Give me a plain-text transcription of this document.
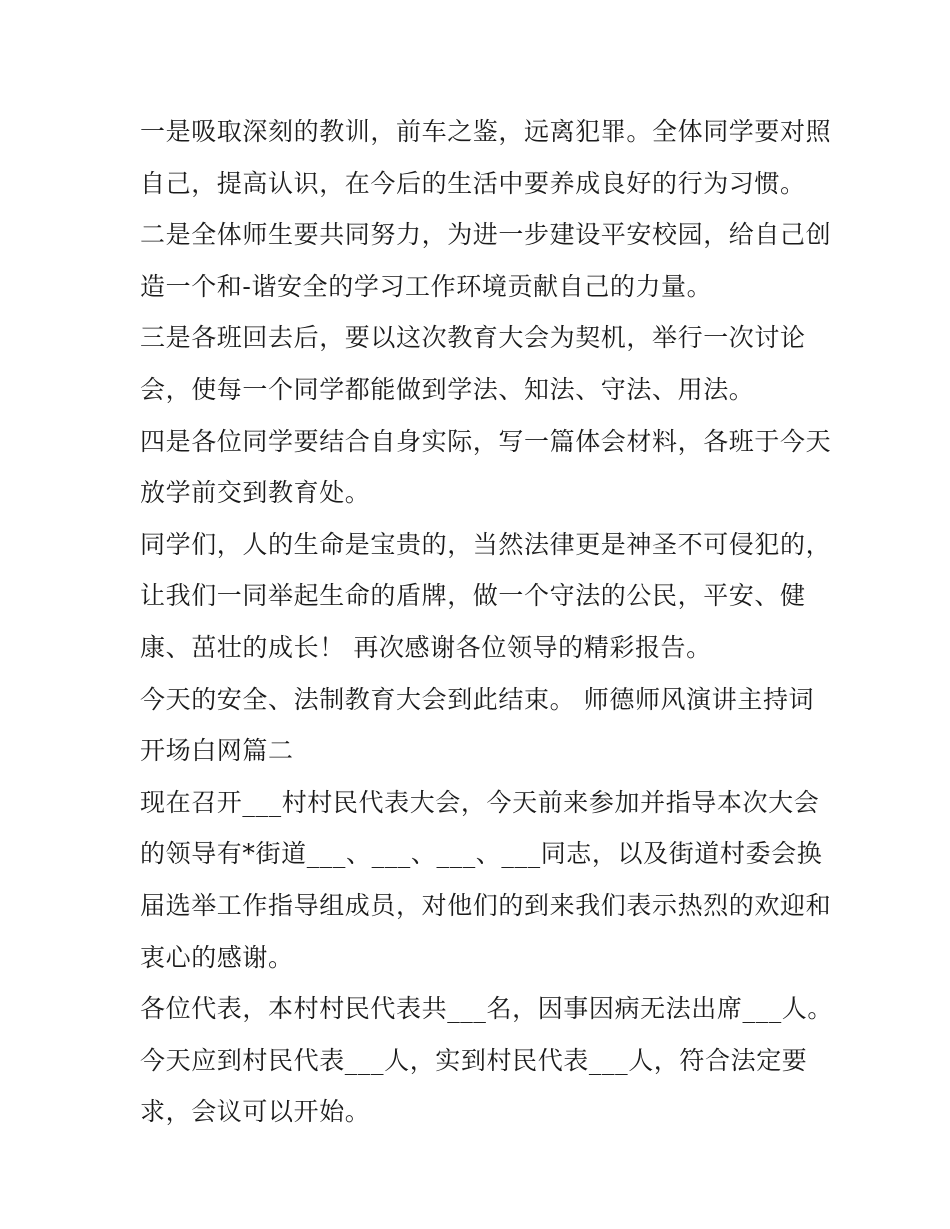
一是吸取深刻的教训，前车之鉴，远离犯罪。全体同学要对照
自己，提高认识，在今后的生活中要养成良好的行为习惯。
二是全体师生要共同努力，为进一步建设平安校园，给自己创
造一个和-谐安全的学习工作环境贡献自己的力量。
三是各班回去后，要以这次教育大会为契机，举行一次讨论
会，使每一个同学都能做到学法、知法、守法、用法。
四是各位同学要结合自身实际，写一篇体会材料，各班于今天
放学前交到教育处。
同学们，人的生命是宝贵的，当然法律更是神圣不可侵犯的，
让我们一同举起生命的盾牌，做一个守法的公民，平安、健
康、茁壮的成长！ 再次感谢各位领导的精彩报告。
今天的安全、法制教育大会到此结束。 师德师风演讲主持词
开场白网篇二
现在召开___村村民代表大会，今天前来参加并指导本次大会
的领导有*街道___、___、___、___同志，以及街道村委会换
届选举工作指导组成员，对他们的到来我们表示热烈的欢迎和
衷心的感谢。
各位代表，本村村民代表共___名，因事因病无法出席___人。
今天应到村民代表___人，实到村民代表___人，符合法定要
求，会议可以开始。
